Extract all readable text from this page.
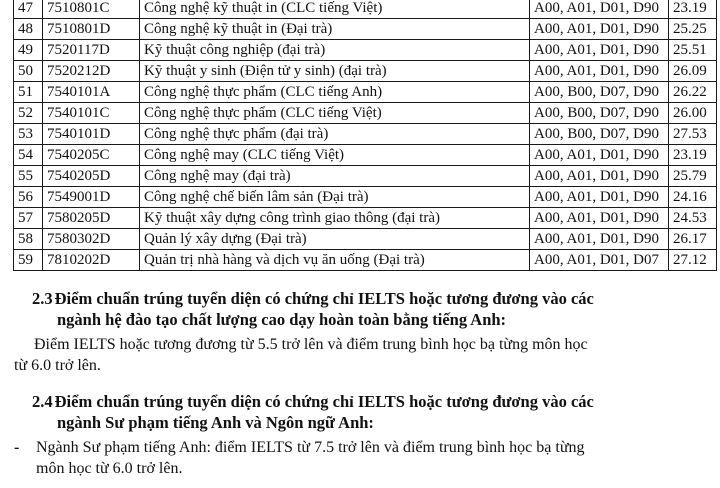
47	7510801C	Công nghệ kỹ thuật in (CLC tiếng Việt)	A00, A01, D01, D90	23.19
48	7510801D	Công nghệ kỹ thuật in (Đại trà)	A00, A01, D01, D90	25.25
49	7520117D	Kỹ thuật công nghiệp (đại trà)	A00, A01, D01, D90	25.51
50	7520212D	Kỹ thuật y sinh (Điện tử y sinh) (đại trà)	A00, A01, D01, D90	26.09
51	7540101A	Công nghệ thực phẩm (CLC tiếng Anh)	A00, B00, D07, D90	26.22
52	7540101C	Công nghệ thực phẩm (CLC tiếng Việt)	A00, B00, D07, D90	26.00
53	7540101D	Công nghệ thực phẩm (đại trà)	A00, B00, D07, D90	27.53
54	7540205C	Công nghệ may (CLC tiếng Việt)	A00, A01, D01, D90	23.19
55	7540205D	Công nghệ may (đại trà)	A00, A01, D01, D90	25.79
56	7549001D	Công nghệ chế biến lâm sản (Đại trà)	A00, A01, D01, D90	24.16
57	7580205D	Kỹ thuật xây dựng công trình giao thông (đại trà)	A00, A01, D01, D90	24.53
58	7580302D	Quản lý xây dựng (Đại trà)	A00, A01, D01, D90	26.17
59	7810202D	Quản trị nhà hàng và dịch vụ ăn uống (Đại trà)	A00, A01, D01, D07	27.12
2.3 Điểm chuẩn trúng tuyển diện có chứng chỉ IELTS hoặc tương đương vào các
ngành hệ đào tạo chất lượng cao dạy hoàn toàn bằng tiếng Anh:
Điểm IELTS hoặc tương đương từ 5.5 trở lên và điểm trung bình học bạ từng môn học
từ 6.0 trở lên.
2.4 Điểm chuẩn trúng tuyển diện có chứng chỉ IELTS hoặc tương đương vào các
ngành Sư phạm tiếng Anh và Ngôn ngữ Anh:
-	Ngành Sư phạm tiếng Anh: điểm IELTS từ 7.5 trở lên và điểm trung bình học bạ từng
môn học từ 6.0 trở lên.
